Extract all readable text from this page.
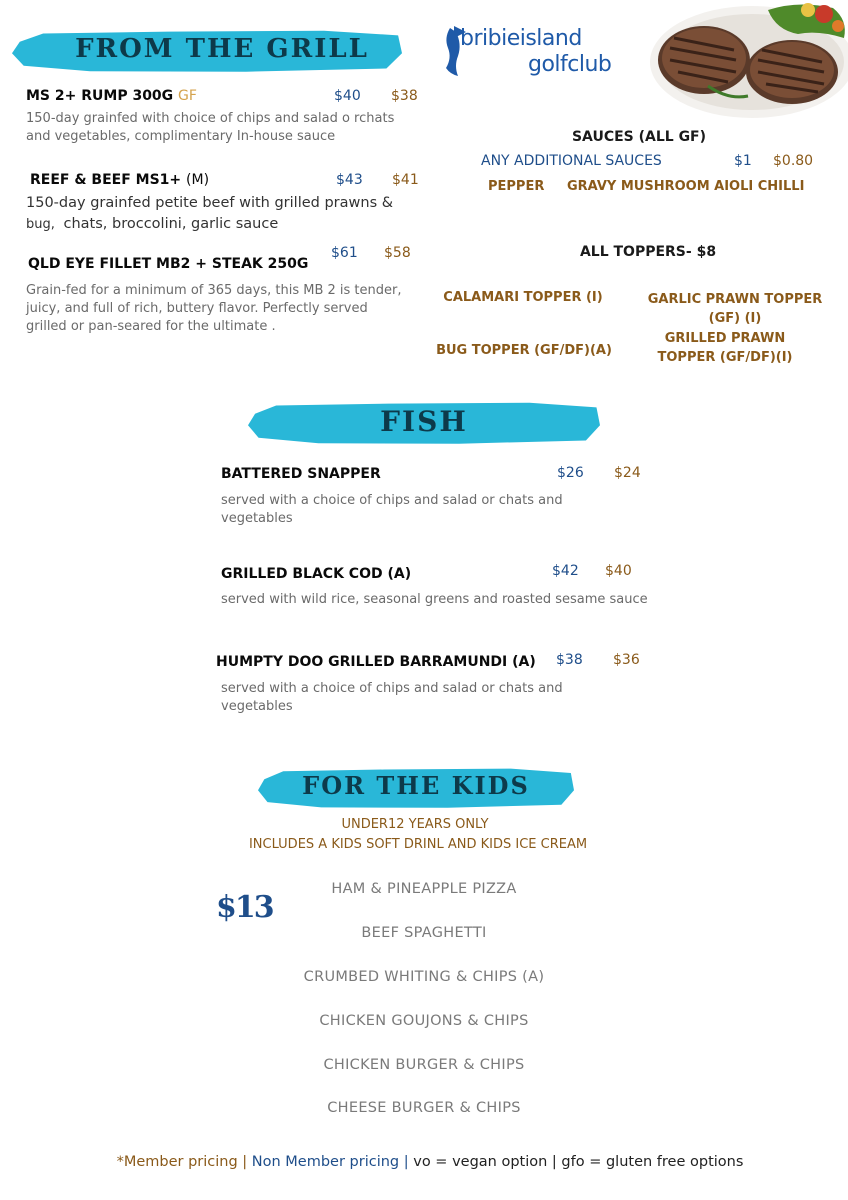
FROM THE GRILL
MS 2+ RUMP 300G GF	$40 $38
150-day grainfed with choice of chips and salad o rchats and vegetables, complimentary In-house sauce
REEF & BEEF MS1+ (M)	$43 $41
150-day grainfed petite beef with grilled prawns &
bug, chats, broccolini, garlic sauce
QLD EYE FILLET MB2 + STEAK 250G
$61 $58
Grain-fed for a minimum of 365 days, this MB 2 is tender, juicy, and full of rich, buttery flavor. Perfectly served grilled or pan-seared for the ultimate .
bribieisland
golfclub
SAUCES (ALL GF)
ANY ADDITIONAL SAUCES	$1 $0.80
PEPPER     GRAVY MUSHROOM AIOLI CHILLI
ALL TOPPERS- $8
CALAMARI TOPPER (I)	GARLIC PRAWN TOPPER (GF) (I)
GRILLED PRAWN TOPPER (GF/DF)(I)
BUG TOPPER (GF/DF)(A)
FISH
BATTERED SNAPPER	$26 $24
served with a choice of chips and salad or chats and vegetables
GRILLED BLACK COD (A)	$42 $40
served with wild rice, seasonal greens and roasted sesame sauce
HUMPTY DOO GRILLED BARRAMUNDI (A) $38 $36
served with a choice of chips and salad or chats and vegetables
FOR THE KIDS
UNDER12 YEARS ONLY
INCLUDES A KIDS SOFT DRINL AND KIDS ICE CREAM
$13
HAM & PINEAPPLE PIZZA
BEEF SPAGHETTI
CRUMBED WHITING & CHIPS (A)
CHICKEN GOUJONS & CHIPS
CHICKEN BURGER & CHIPS
CHEESE BURGER & CHIPS
*Member pricing | Non Member pricing | vo = vegan option | gfo = gluten free options
